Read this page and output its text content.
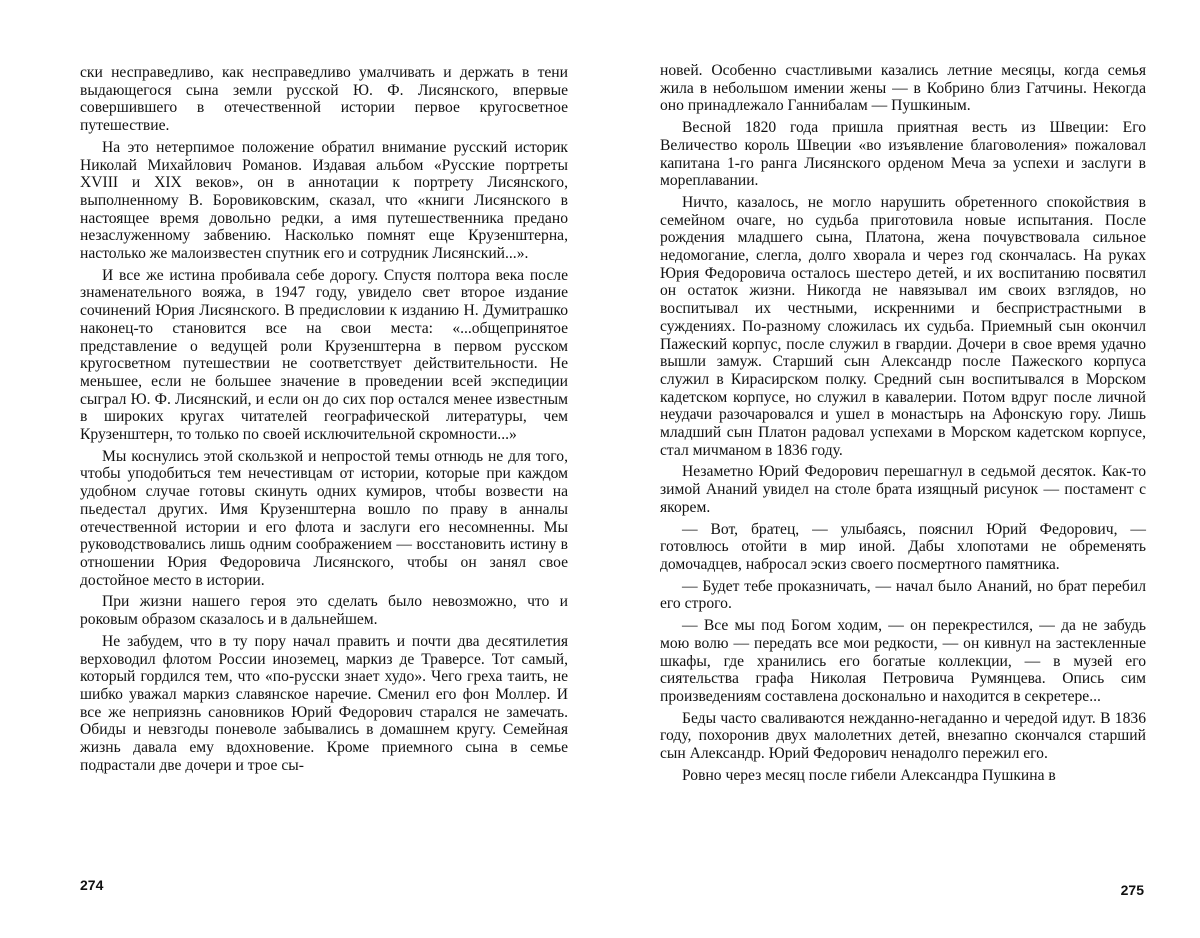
ски несправедливо, как несправедливо умалчивать и держать в тени выдающегося сына земли русской Ю. Ф. Лисянского, впервые совершившего в отечественной истории первое кругосветное путешествие.

На это нетерпимое положение обратил внимание русский историк Николай Михайлович Романов. Издавая альбом «Русские портреты XVIII и XIX веков», он в аннотации к портрету Лисянского, выполненному В. Боровиковским, сказал, что «книги Лисянского в настоящее время довольно редки, а имя путешественника предано незаслуженному забвению. Насколько помнят еще Крузенштерна, настолько же малоизвестен спутник его и сотрудник Лисянский...».

И все же истина пробивала себе дорогу. Спустя полтора века после знаменательного вояжа, в 1947 году, увидело свет второе издание сочинений Юрия Лисянского. В предисловии к изданию Н. Думитрашко наконец-то становится все на свои места: «...общепринятое представление о ведущей роли Крузенштерна в первом русском кругосветном путешествии не соответствует действительности. Не меньшее, если не большее значение в проведении всей экспедиции сыграл Ю. Ф. Лисянский, и если он до сих пор остался менее известным в широких кругах читателей географической литературы, чем Крузенштерн, то только по своей исключительной скромности...»

Мы коснулись этой скользкой и непростой темы отнюдь не для того, чтобы уподобиться тем нечестивцам от истории, которые при каждом удобном случае готовы скинуть одних кумиров, чтобы возвести на пьедестал других. Имя Крузенштерна вошло по праву в анналы отечественной истории и его флота и заслуги его несомненны. Мы руководствовались лишь одним соображением — восстановить истину в отношении Юрия Федоровича Лисянского, чтобы он занял свое достойное место в истории.

При жизни нашего героя это сделать было невозможно, что и роковым образом сказалось и в дальнейшем.

Не забудем, что в ту пору начал править и почти два десятилетия верховодил флотом России иноземец, маркиз де Траверсе. Тот самый, который гордился тем, что «по-русски знает худо». Чего греха таить, не шибко уважал маркиз славянское наречие. Сменил его фон Моллер. И все же неприязнь сановников Юрий Федорович старался не замечать. Обиды и невзгоды поневоле забывались в домашнем кругу. Семейная жизнь давала ему вдохновение. Кроме приемного сына в семье подрастали две дочери и трое сы-

274

новей. Особенно счастливыми казались летние месяцы, когда семья жила в небольшом имении жены — в Кобрино близ Гатчины. Некогда оно принадлежало Ганнибалам — Пушкиным.

Весной 1820 года пришла приятная весть из Швеции: Его Величество король Швеции «во изъявление благоволения» пожаловал капитана 1-го ранга Лисянского орденом Меча за успехи и заслуги в мореплавании.

Ничто, казалось, не могло нарушить обретенного спокойствия в семейном очаге, но судьба приготовила новые испытания. После рождения младшего сына, Платона, жена почувствовала сильное недомогание, слегла, долго хворала и через год скончалась. На руках Юрия Федоровича осталось шестеро детей, и их воспитанию посвятил он остаток жизни. Никогда не навязывал им своих взглядов, но воспитывал их честными, искренними и беспристрастными в суждениях. По-разному сложилась их судьба. Приемный сын окончил Пажеский корпус, после служил в гвардии. Дочери в свое время удачно вышли замуж. Старший сын Александр после Пажеского корпуса служил в Кирасирском полку. Средний сын воспитывался в Морском кадетском корпусе, но служил в кавалерии. Потом вдруг после личной неудачи разочаровался и ушел в монастырь на Афонскую гору. Лишь младший сын Платон радовал успехами в Морском кадетском корпусе, стал мичманом в 1836 году.

Незаметно Юрий Федорович перешагнул в седьмой десяток. Как-то зимой Ананий увидел на столе брата изящный рисунок — постамент с якорем.

— Вот, братец, — улыбаясь, пояснил Юрий Федорович, — готовлюсь отойти в мир иной. Дабы хлопотами не обременять домочадцев, набросал эскиз своего посмертного памятника.

— Будет тебе проказничать, — начал было Ананий, но брат перебил его строго.

— Все мы под Богом ходим, — он перекрестился, — да не забудь мою волю — передать все мои редкости, — он кивнул на застекленные шкафы, где хранились его богатые коллекции, — в музей его сиятельства графа Николая Петровича Румянцева. Опись сим произведениям составлена досконально и находится в секретере...

Беды часто сваливаются нежданно-негаданно и чередой идут. В 1836 году, похоронив двух малолетних детей, внезапно скончался старший сын Александр. Юрий Федорович ненадолго пережил его.

Ровно через месяц после гибели Александра Пушкина в

275
